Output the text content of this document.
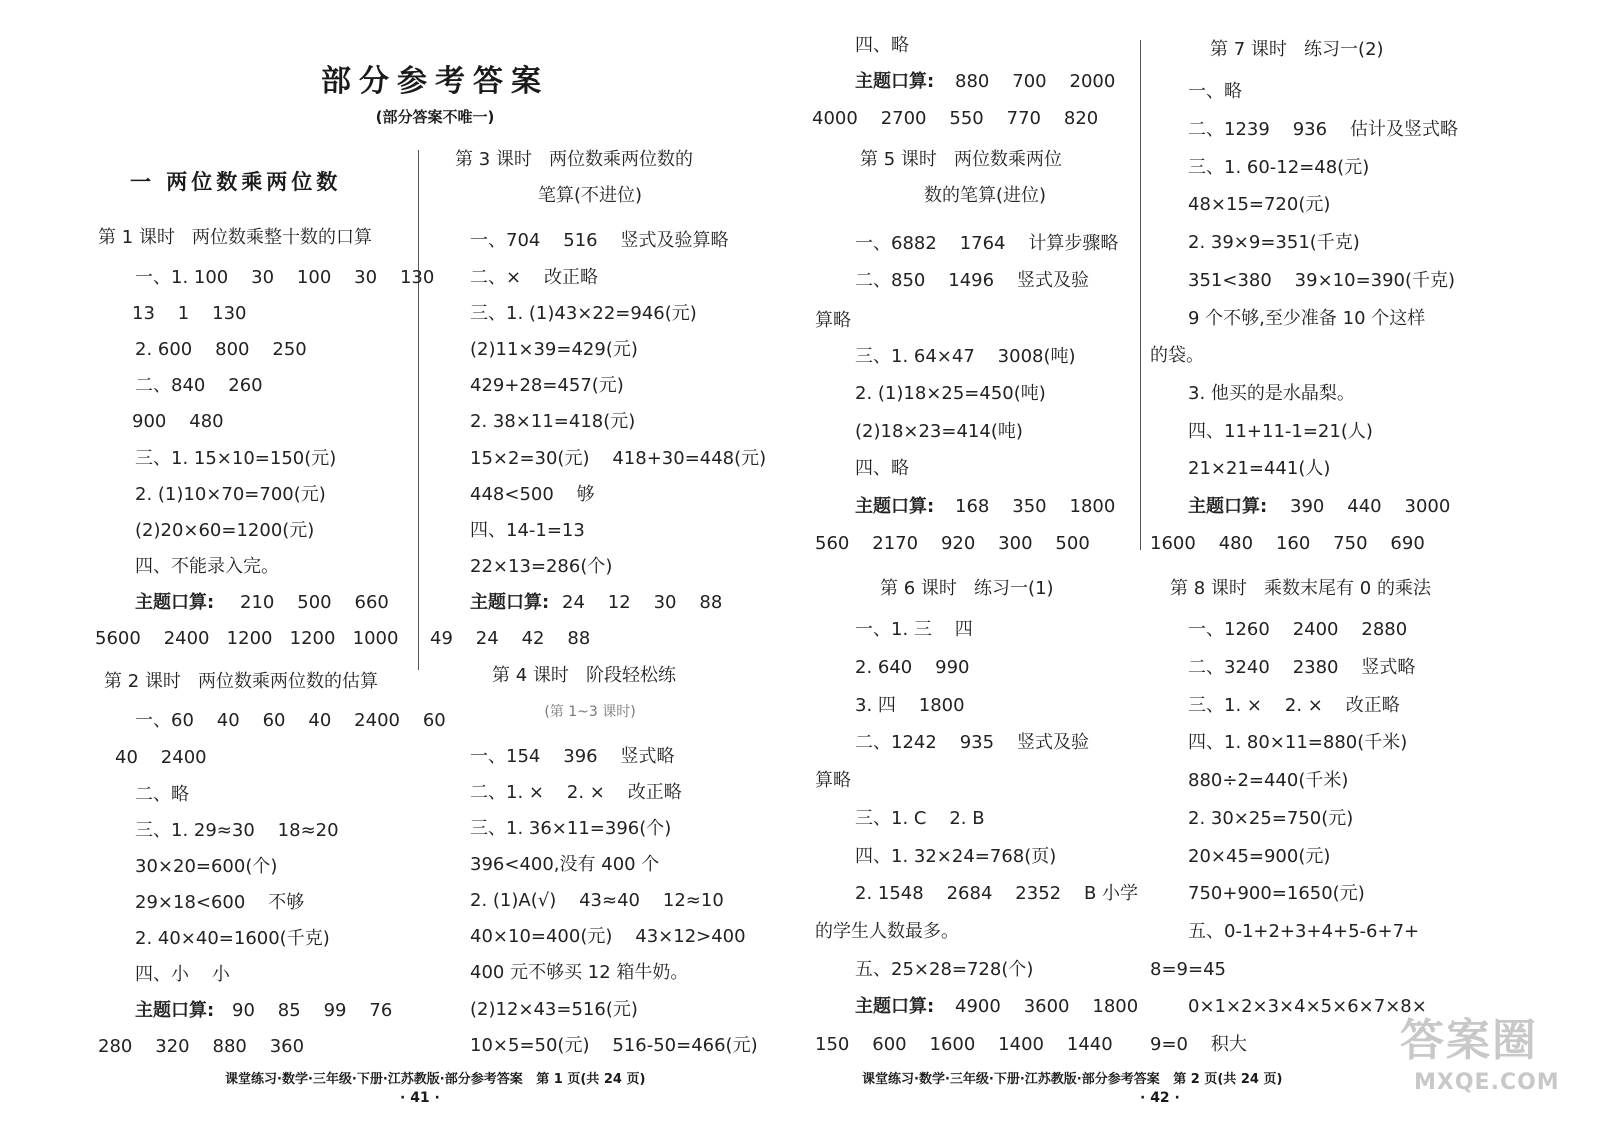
部分参考答案
(部分答案不唯一)
一 两位数乘两位数
第 1 课时   两位数乘整十数的口算
一、1. 100    30    100    30    130
13    1    130
2. 600    800    250
二、840    260
900    480
三、1. 15×10=150(元)
2. (1)10×70=700(元)
(2)20×60=1200(元)
四、不能录入完。
主题口算: 210    500    660
5600    2400   1200   1200   1000
第 2 课时   两位数乘两位数的估算
一、60    40    60    40    2400    60
40    2400
二、略
三、1. 29≈30    18≈20
30×20=600(个)
29×18<600    不够
2. 40×40=1600(千克)
四、小    小
主题口算: 90    85    99    76
280    320    880    360
第 3 课时   两位数乘两位数的
笔算(不进位)
一、704    516    竖式及验算略
二、×    改正略
三、1. (1)43×22=946(元)
(2)11×39=429(元)
429+28=457(元)
2. 38×11=418(元)
15×2=30(元)    418+30=448(元)
448<500    够
四、14-1=13
22×13=286(个)
主题口算: 24    12    30    88
49    24    42    88
第 4 课时   阶段轻松练
(第 1~3 课时)
一、154    396    竖式略
二、1. ×    2. ×    改正略
三、1. 36×11=396(个)
396<400,没有 400 个
2. (1)A(√)    43≈40    12≈10
40×10=400(元)    43×12>400
400 元不够买 12 箱牛奶。
(2)12×43=516(元)
10×5=50(元)    516-50=466(元)
四、略
主题口算: 880    700    2000
4000    2700    550    770    820
第 5 课时   两位数乘两位
数的笔算(进位)
一、6882    1764    计算步骤略
二、850    1496    竖式及验
算略
三、1. 64×47    3008(吨)
2. (1)18×25=450(吨)
(2)18×23=414(吨)
四、略
主题口算: 168    350    1800
560    2170    920    300    500
第 6 课时   练习一(1)
一、1. 三    四
2. 640    990
3. 四    1800
二、1242    935    竖式及验
算略
三、1. C    2. B
四、1. 32×24=768(页)
2. 1548    2684    2352    B 小学
的学生人数最多。
五、25×28=728(个)
主题口算: 4900    3600    1800
150    600    1600    1400    1440
第 7 课时   练习一(2)
一、略
二、1239    936    估计及竖式略
三、1. 60-12=48(元)
48×15=720(元)
2. 39×9=351(千克)
351<380    39×10=390(千克)
9 个不够,至少准备 10 个这样
的袋。
3. 他买的是水晶梨。
四、11+11-1=21(人)
21×21=441(人)
主题口算: 390    440    3000
1600    480    160    750    690
第 8 课时   乘数末尾有 0 的乘法
一、1260    2400    2880
二、3240    2380    竖式略
三、1. ×    2. ×    改正略
四、1. 80×11=880(千米)
880÷2=440(千米)
2. 30×25=750(元)
20×45=900(元)
750+900=1650(元)
五、0-1+2+3+4+5-6+7+
8=9=45
0×1×2×3×4×5×6×7×8×
9=0    积大
课堂练习·数学·三年级·下册·江苏教版·部分参考答案   第 1 页(共 24 页)
· 41 ·
课堂练习·数学·三年级·下册·江苏教版·部分参考答案   第 2 页(共 24 页)
· 42 ·
答案圈
MXQE.COM
